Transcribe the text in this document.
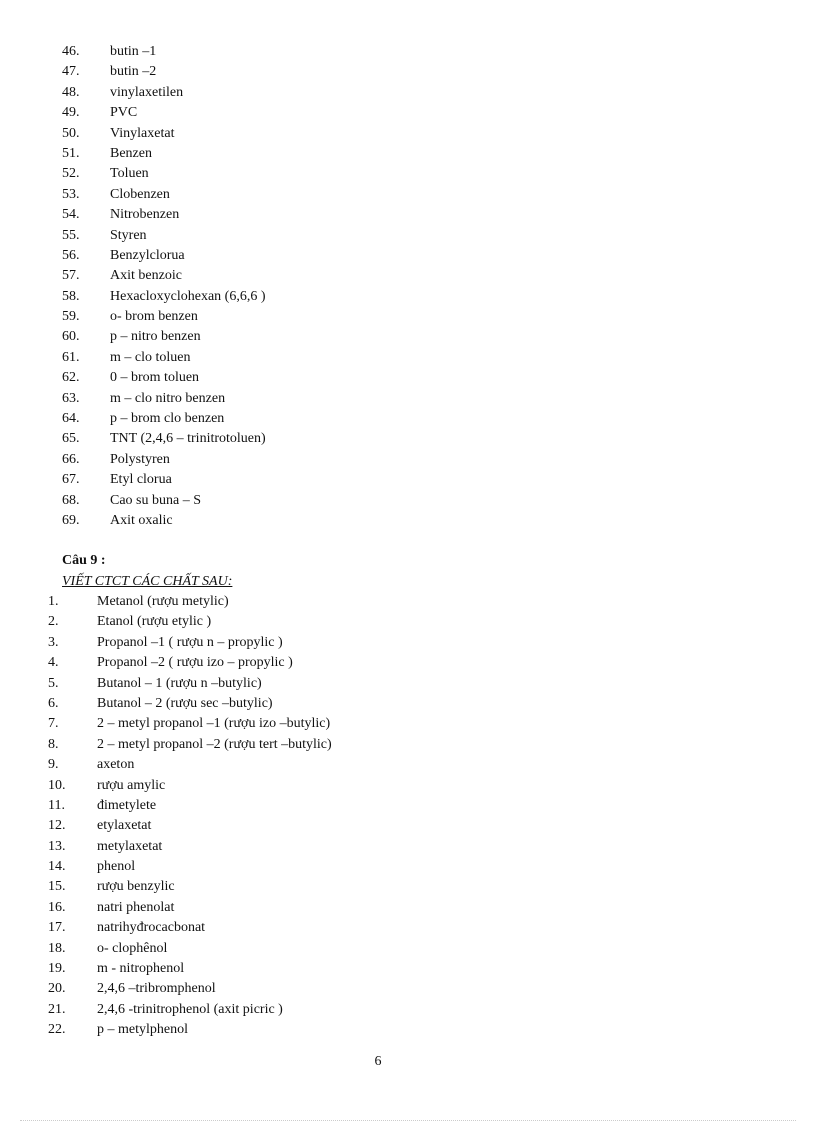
46.	butin –1
47.	butin –2
48.	vinylaxetilen
49.	PVC
50.	Vinylaxetat
51.	Benzen
52.	Toluen
53.	Clobenzen
54.	Nitrobenzen
55.	Styren
56.	Benzylclorua
57.	Axit benzoic
58.	Hexacloxyclohexan (6,6,6 )
59.	o- brom benzen
60.	p – nitro benzen
61.	m – clo toluen
62.	0 – brom toluen
63.	m – clo nitro benzen
64.	p – brom clo benzen
65.	TNT (2,4,6 – trinitrotoluen)
66.	Polystyren
67.	Etyl clorua
68.	Cao su buna – S
69.	Axit oxalic
Câu 9 :
VIẾT CTCT CÁC CHẤT SAU:
1.	Metanol (rượu metylic)
2.	Etanol (rượu etylic )
3.	Propanol –1 ( rượu n – propylic )
4.	Propanol –2 ( rượu izo – propylic )
5.	Butanol – 1 (rượu n –butylic)
6.	Butanol – 2 (rượu sec –butylic)
7.	2 – metyl propanol –1 (rượu izo –butylic)
8.	2 – metyl propanol –2 (rượu tert –butylic)
9.	axeton
10.	rượu amylic
11.	đimetylete
12.	etylaxetat
13.	metylaxetat
14.	phenol
15.	rượu benzylic
16.	natri phenolat
17.	natrihyđrocacbonat
18.	o- clophênol
19.	m - nitrophenol
20.	2,4,6 –tribromphenol
21.	2,4,6 -trinitrophenol (axit picric )
22.	p – metylphenol
6
